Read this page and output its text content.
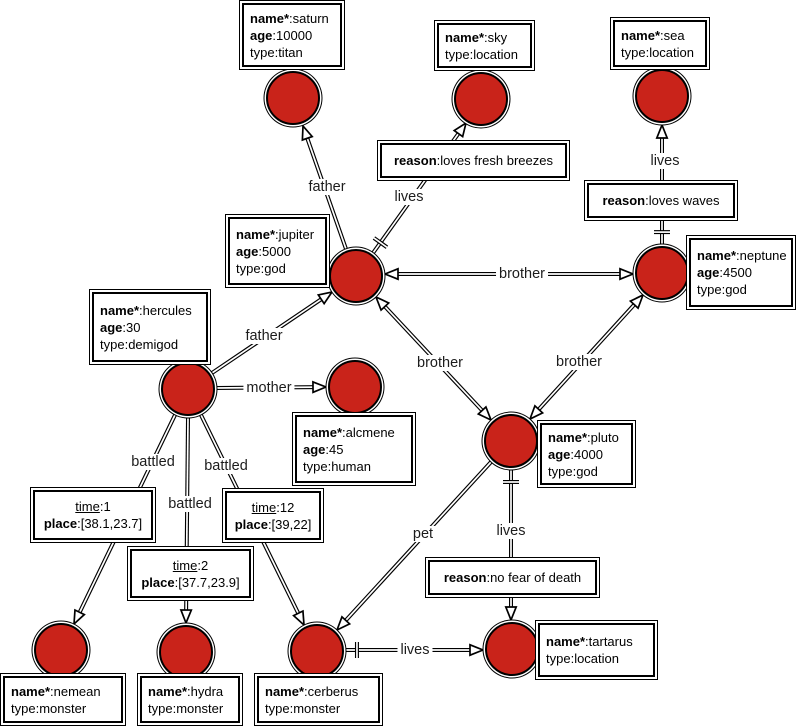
father
father
lives
brother
lives
brother	brother
mother
battled
battled
battled
pet	lives
lives
reason:loves fresh breezes
reason:loves waves
reason:no fear of death
time:1
place:[38.1,23.7]
time:12
place:[39,22]
time:2
place:[37.7,23.9]
name*:saturn
age:10000
type:titan
name*:sky
type:location
name*:sea
type:location
name*:jupiter
age:5000
type:god
name*:neptune
age:4500
type:god
name*:hercules
age:30
type:demigod
name*:alcmene
age:45
type:human
name*:pluto
age:4000
type:god
name*:nemean
type:monster
name*:hydra
type:monster
name*:cerberus
type:monster
name*:tartarus
type:location
